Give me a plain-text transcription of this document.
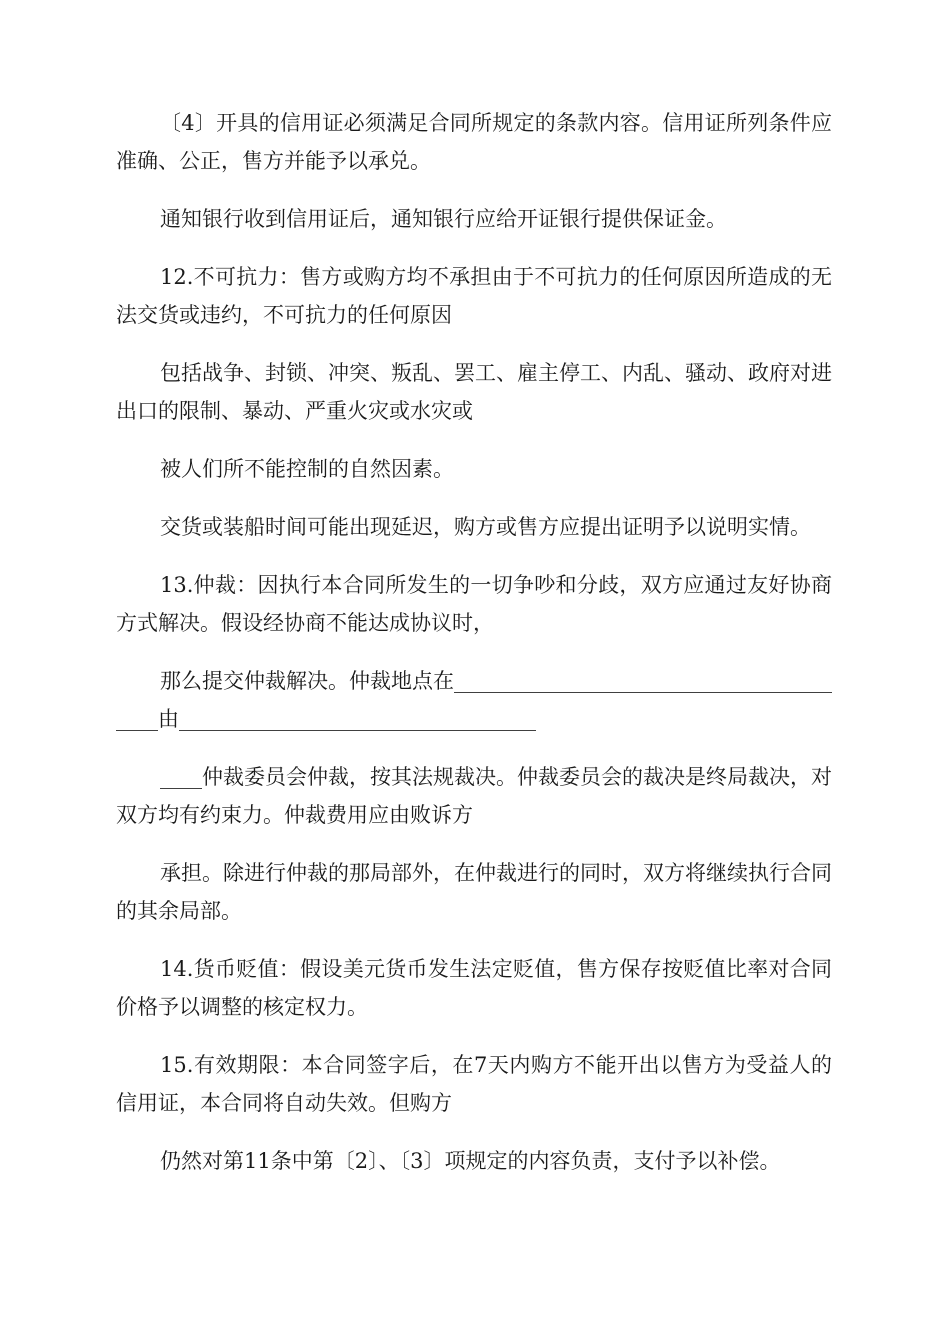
〔4〕开具的信用证必须满足合同所规定的条款内容。信用证所列条件应准确、公正，售方并能予以承兑。

通知银行收到信用证后，通知银行应给开证银行提供保证金。

12.不可抗力：售方或购方均不承担由于不可抗力的任何原因所造成的无法交货或违约，不可抗力的任何原因

包括战争、封锁、冲突、叛乱、罢工、雇主停工、内乱、骚动、政府对进出口的限制、暴动、严重火灾或水灾或

被人们所不能控制的自然因素。

交货或装船时间可能出现延迟，购方或售方应提出证明予以说明实情。

13.仲裁：因执行本合同所发生的一切争吵和分歧，双方应通过友好协商方式解决。假设经协商不能达成协议时，

那么提交仲裁解决。仲裁地点在________________________________________由__________________________________

____仲裁委员会仲裁，按其法规裁决。仲裁委员会的裁决是终局裁决，对双方均有约束力。仲裁费用应由败诉方

承担。除进行仲裁的那局部外，在仲裁进行的同时，双方将继续执行合同的其余局部。

14.货币贬值：假设美元货币发生法定贬值，售方保存按贬值比率对合同价格予以调整的核定权力。

15.有效期限：本合同签字后，在7天内购方不能开出以售方为受益人的信用证，本合同将自动失效。但购方

仍然对第11条中第〔2〕、〔3〕项规定的内容负责，支付予以补偿。
